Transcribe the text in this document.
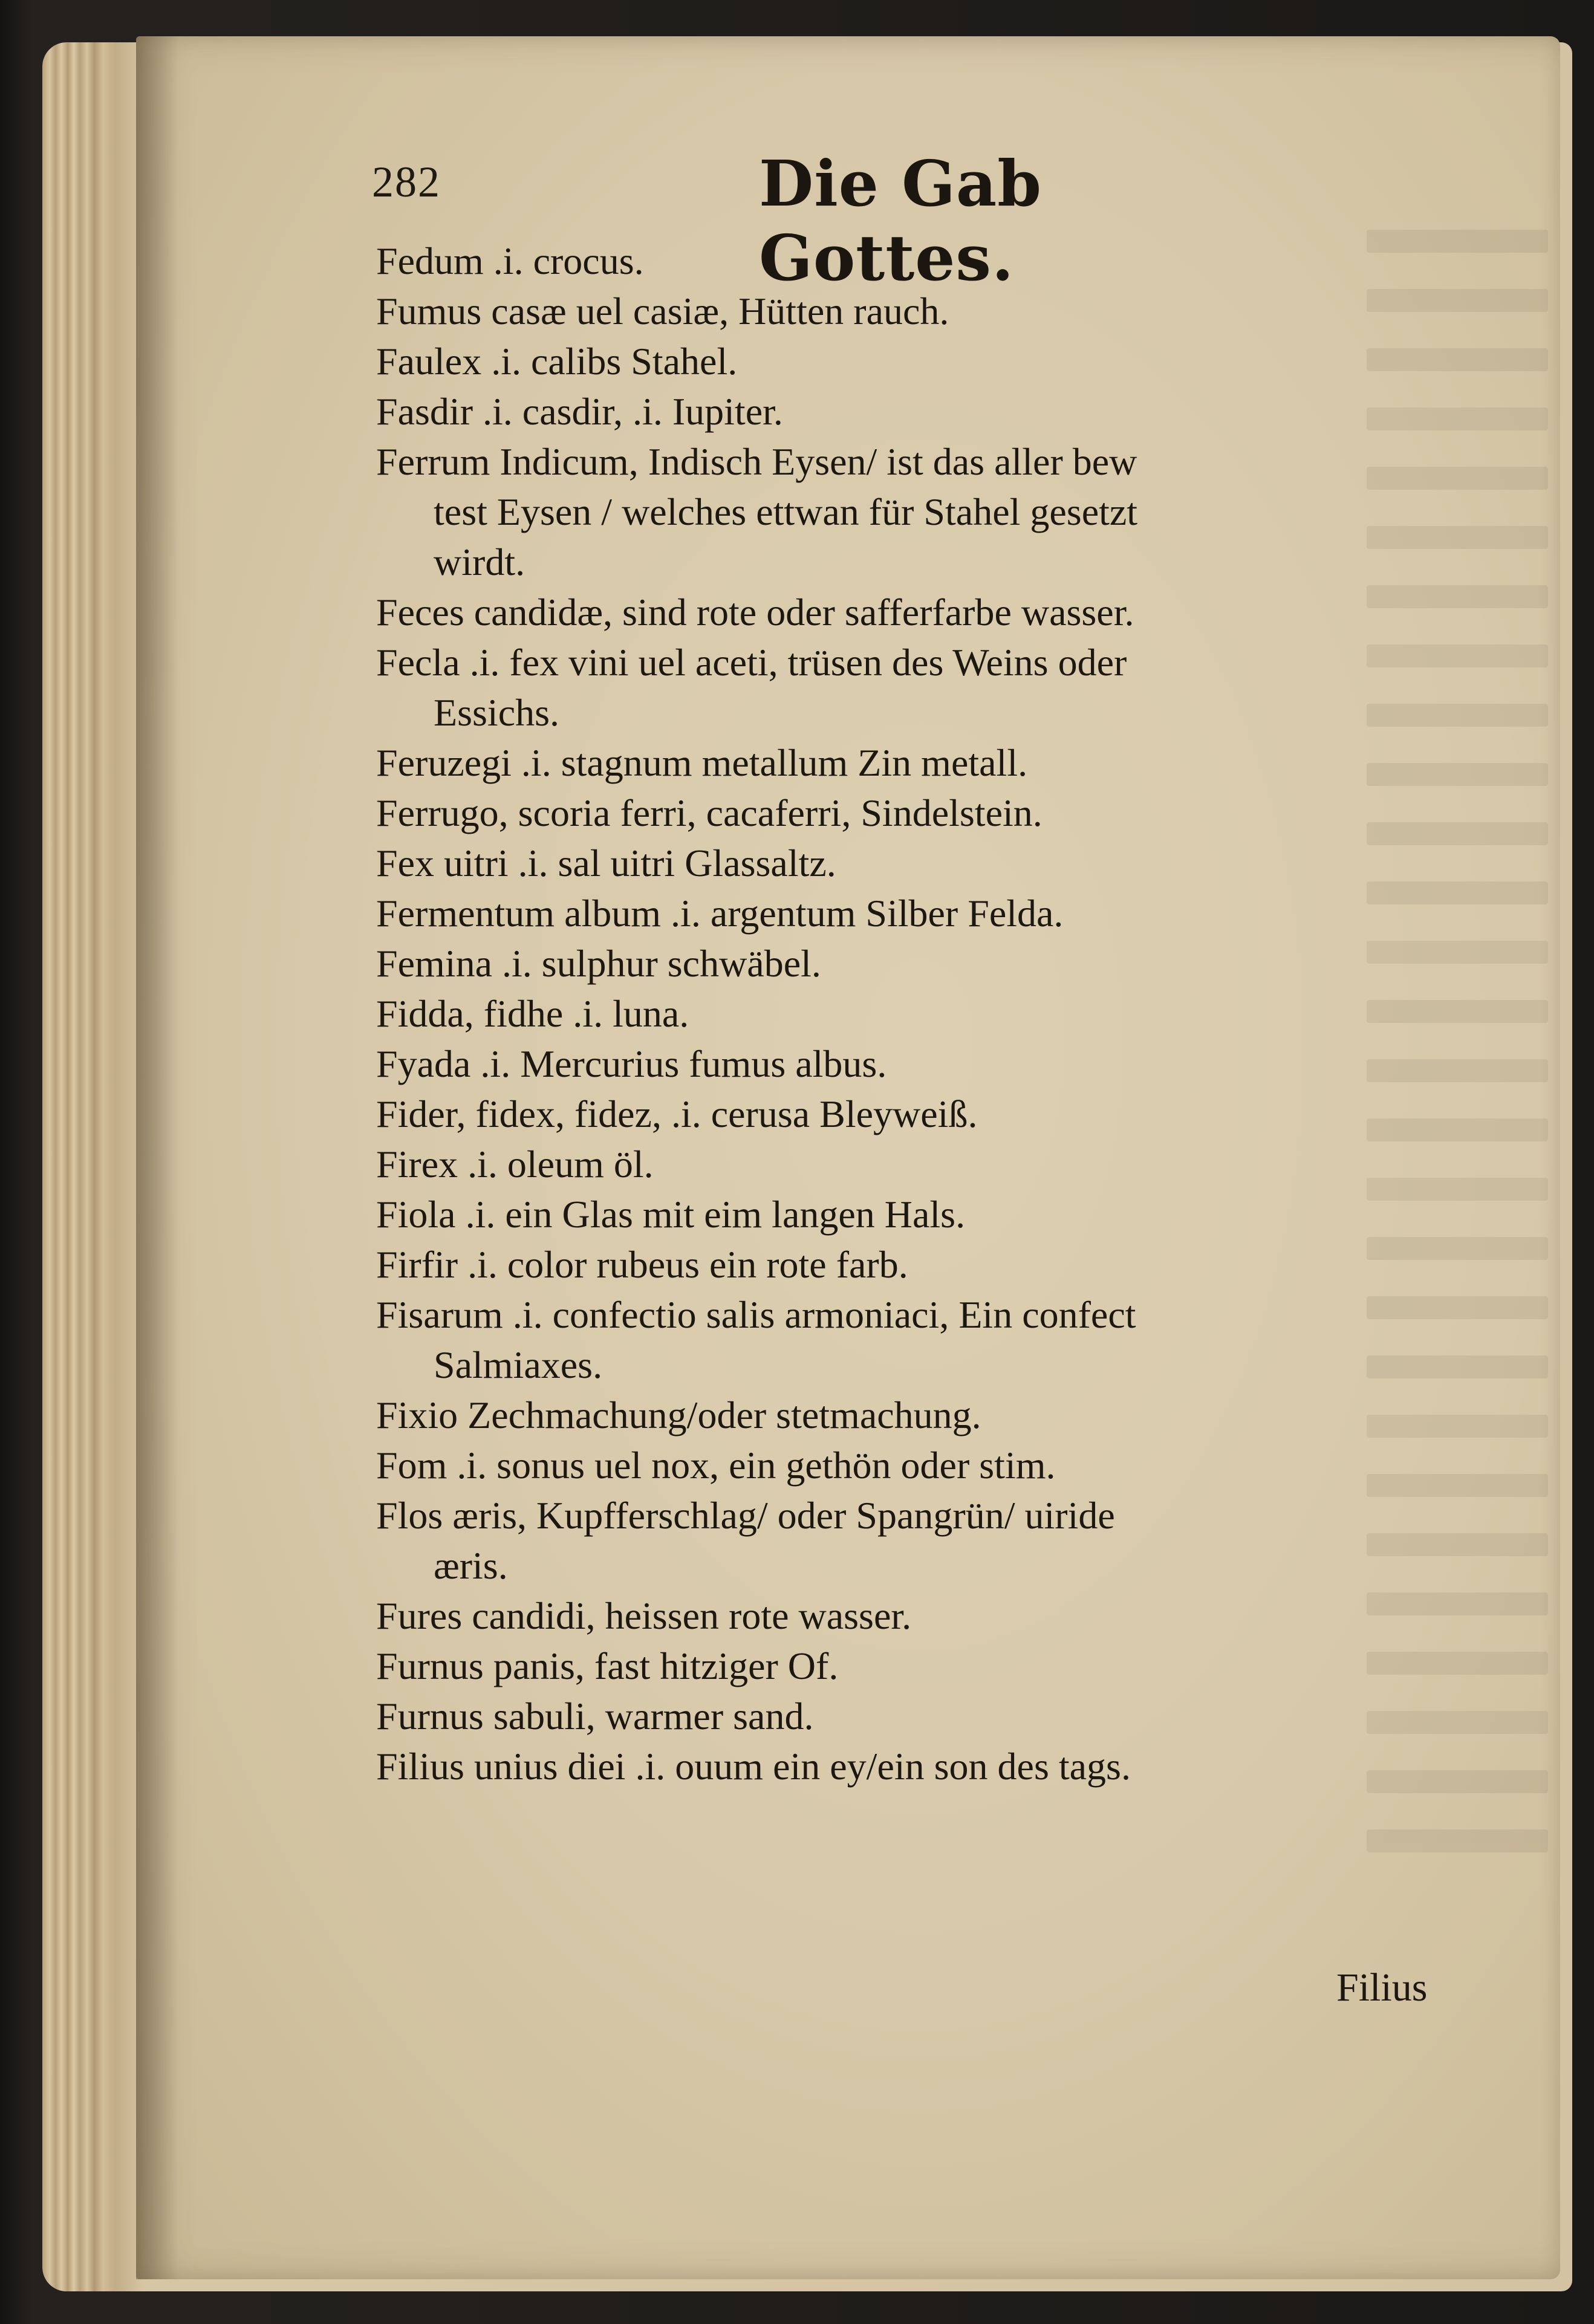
282	Die Gab Gottes.
Fedum .i. crocus.
Fumus casæ uel casiæ, Hütten rauch.
Faulex .i. calibs Stahel.
Fasdir .i. casdir, .i. Iupiter.
Ferrum Indicum, Indisch Eysen/ ist das aller bew
test Eysen / welches ettwan für Stahel gesetzt
wirdt.
Feces candidæ, sind rote oder safferfarbe wasser.
Fecla .i. fex vini uel aceti, trüsen des Weins oder
Essichs.
Feruzegi .i. stagnum metallum Zin metall.
Ferrugo, scoria ferri, cacaferri, Sindelstein.
Fex uitri .i. sal uitri Glassaltz.
Fermentum album .i. argentum Silber Felda.
Femina .i. sulphur schwäbel.
Fidda, fidhe .i. luna.
Fyada .i. Mercurius fumus albus.
Fider, fidex, fidez, .i. cerusa Bleyweiß.
Firex .i. oleum öl.
Fiola .i. ein Glas mit eim langen Hals.
Firfir .i. color rubeus ein rote farb.
Fisarum .i. confectio salis armoniaci, Ein confect
Salmiaxes.
Fixio Zechmachung/oder stetmachung.
Fom .i. sonus uel nox, ein gethön oder stim.
Flos æris, Kupfferschlag/ oder Spangrün/ uiride
æris.
Fures candidi, heissen rote wasser.
Furnus panis, fast hitziger Of.
Furnus sabuli, warmer sand.
Filius unius diei .i. ouum ein ey/ein son des tags.
Filius
